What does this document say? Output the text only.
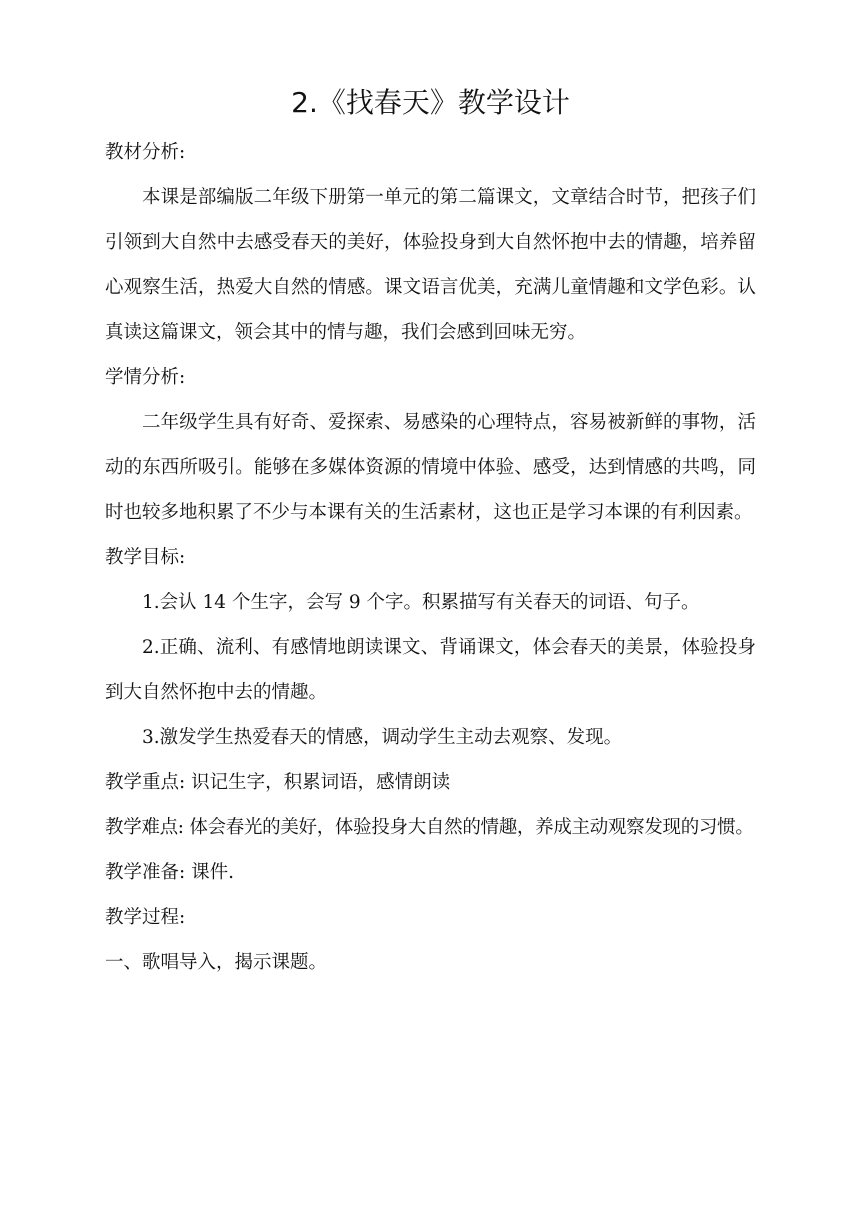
2.《找春天》教学设计

教材分析:

本课是部编版二年级下册第一单元的第二篇课文，文章结合时节，把孩子们引领到大自然中去感受春天的美好，体验投身到大自然怀抱中去的情趣，培养留心观察生活，热爱大自然的情感。课文语言优美，充满儿童情趣和文学色彩。认真读这篇课文，领会其中的情与趣，我们会感到回味无穷。

学情分析:

二年级学生具有好奇、爱探索、易感染的心理特点，容易被新鲜的事物，活动的东西所吸引。能够在多媒体资源的情境中体验、感受，达到情感的共鸣，同时也较多地积累了不少与本课有关的生活素材，这也正是学习本课的有利因素。

教学目标:

1.会认 14 个生字，会写 9 个字。积累描写有关春天的词语、句子。

2.正确、流利、有感情地朗读课文、背诵课文，体会春天的美景，体验投身到大自然怀抱中去的情趣。

3.激发学生热爱春天的情感，调动学生主动去观察、发现。

教学重点: 识记生字，积累词语，感情朗读

教学难点: 体会春光的美好，体验投身大自然的情趣，养成主动观察发现的习惯。

教学准备: 课件.

教学过程:

一、歌唱导入，揭示课题。
